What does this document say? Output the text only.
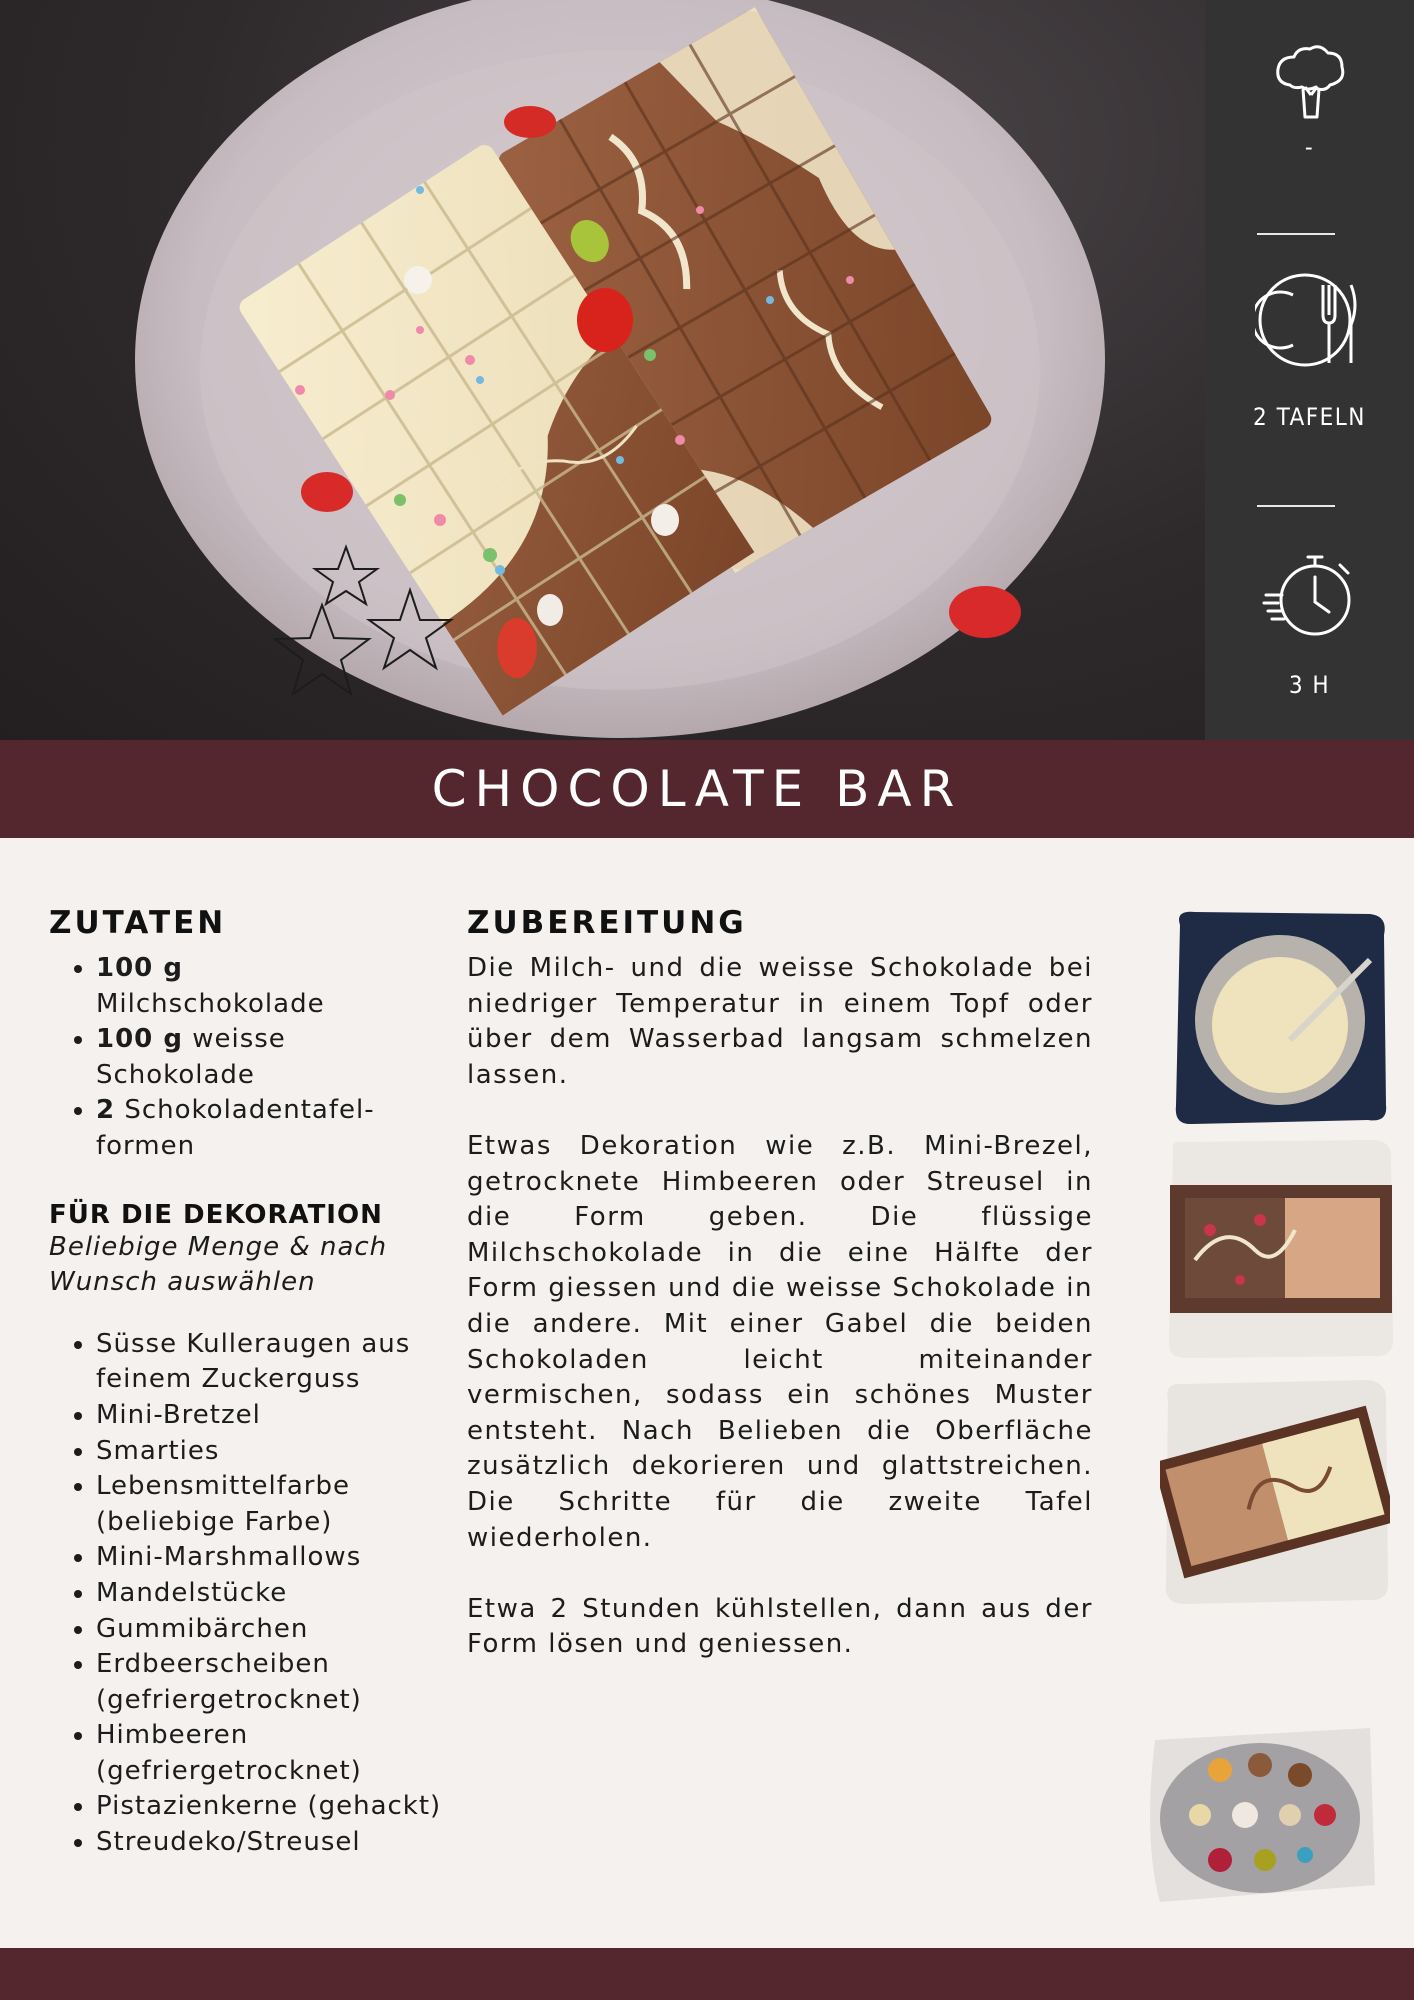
-
2 TAFELN
3 H
CHOCOLATE BAR
ZUTATEN
• 100 g
Milchschokolade
• 100 g weisse Schokolade
• 2 Schokoladentafel-formen
FÜR DIE DEKORATION
Beliebige Menge & nach Wunsch auswählen
• Süsse Kulleraugen aus feinem Zuckerguss
• Mini-Bretzel
• Smarties
• Lebensmittelfarbe (beliebige Farbe)
• Mini-Marshmallows
• Mandelstücke
• Gummibärchen
• Erdbeerscheiben (gefriergetrocknet)
• Himbeeren (gefriergetrocknet)
• Pistazienkerne (gehackt)
• Streudeko/Streusel
ZUBEREITUNG

Die Milch- und die weisse Schokolade bei niedriger Temperatur in einem Topf oder über dem Wasserbad langsam schmelzen lassen.

Etwas Dekoration wie z.B. Mini-Brezel, getrocknete Himbeeren oder Streusel in die Form geben. Die flüssige Milchschokolade in die eine Hälfte der Form giessen und die weisse Schokolade in die andere. Mit einer Gabel die beiden Schokoladen leicht miteinander vermischen, sodass ein schönes Muster entsteht. Nach Belieben die Oberfläche zusätzlich dekorieren und glattstreichen. Die Schritte für die zweite Tafel wiederholen.

Etwa 2 Stunden kühlstellen, dann aus der Form lösen und geniessen.
